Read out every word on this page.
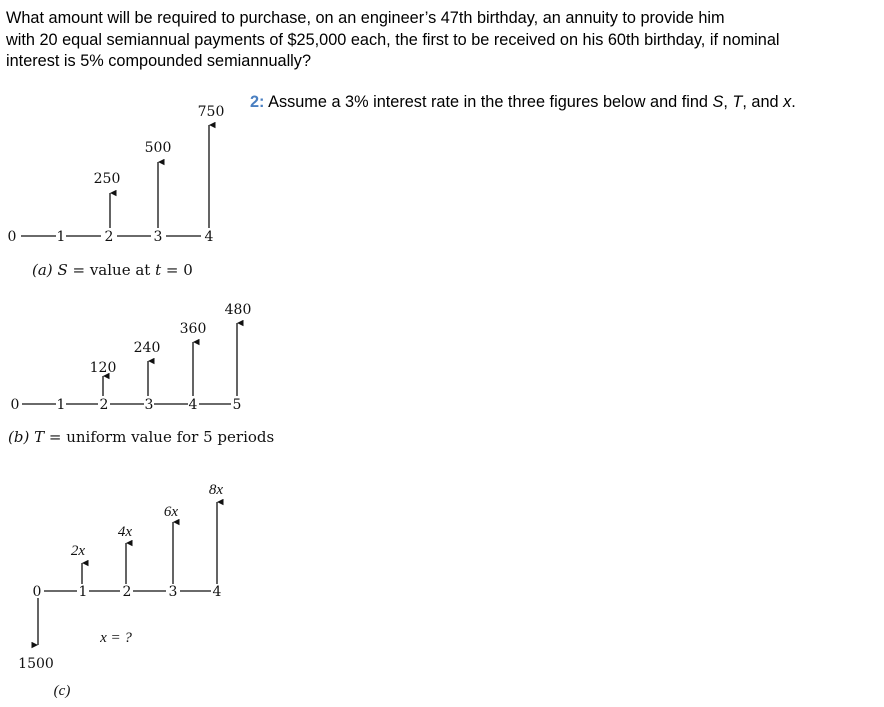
What amount will be required to purchase, on an engineer’s 47th birthday, an annuity to provide him
with 20 equal semiannual payments of $25,000 each, the first to be received on his 60th birthday, if nominal
interest is 5% compounded semiannually?
2: Assume a 3% interest rate in the three figures below and find S, T, and x.
0	1	2	3	4
250
500
750
(a) S = value at t = 0
0	1 2	3	4	5
120
240
360
480
(b) T = uniform value for 5 periods
0	1	2	3	4
2x
4x
6x
8x
1500
x = ?
(c)
